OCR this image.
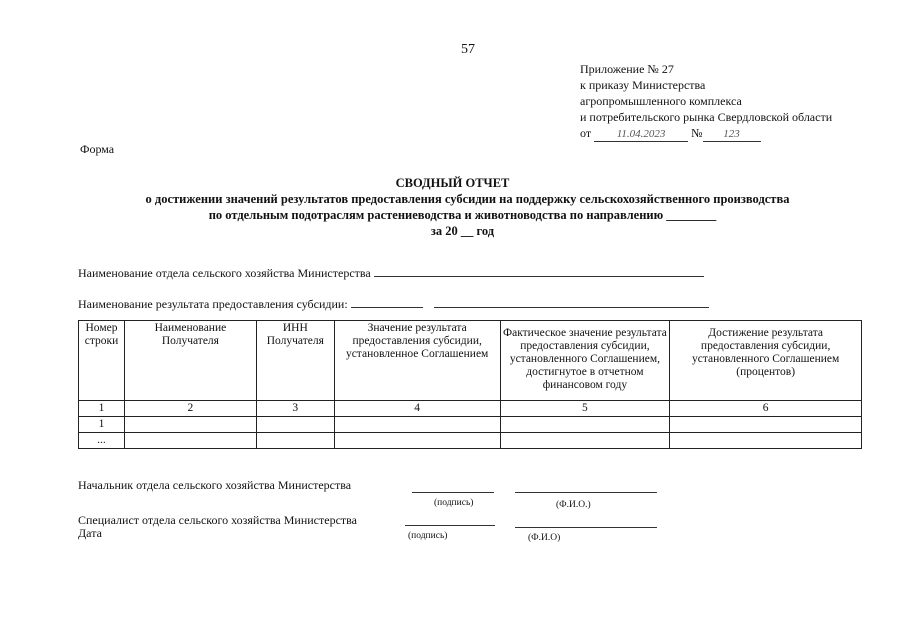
57
Приложение № 27
к приказу Министерства
агропромышленного комплекса
и потребительского рынка Свердловской области
от 11.04.2023 № 123
Форма
СВОДНЫЙ ОТЧЕТ
о достижении значений результатов предоставления субсидии на поддержку сельскохозяйственного производства
по отдельным подотраслям растениеводства и животноводства по направлению ________
за 20 __ год
Наименование отдела сельского хозяйства Министерства
Наименование результата предоставления субсидии:
Номер строки	Наименование Получателя	ИНН Получателя	Значение результата предоставления субсидии, установленное Соглашением	Фактическое значение результата предоставления субсидии, установленного Соглашением, достигнутое в отчетном финансовом году	Достижение результата предоставления субсидии, установленного Соглашением (процентов)
1	2	3	4	5	6
1					
...					
Начальник отдела сельского хозяйства Министерства
(подпись)	(Ф.И.О.)
Специалист отдела сельского хозяйства Министерства
Дата	(подпись)	(Ф.И.О)
